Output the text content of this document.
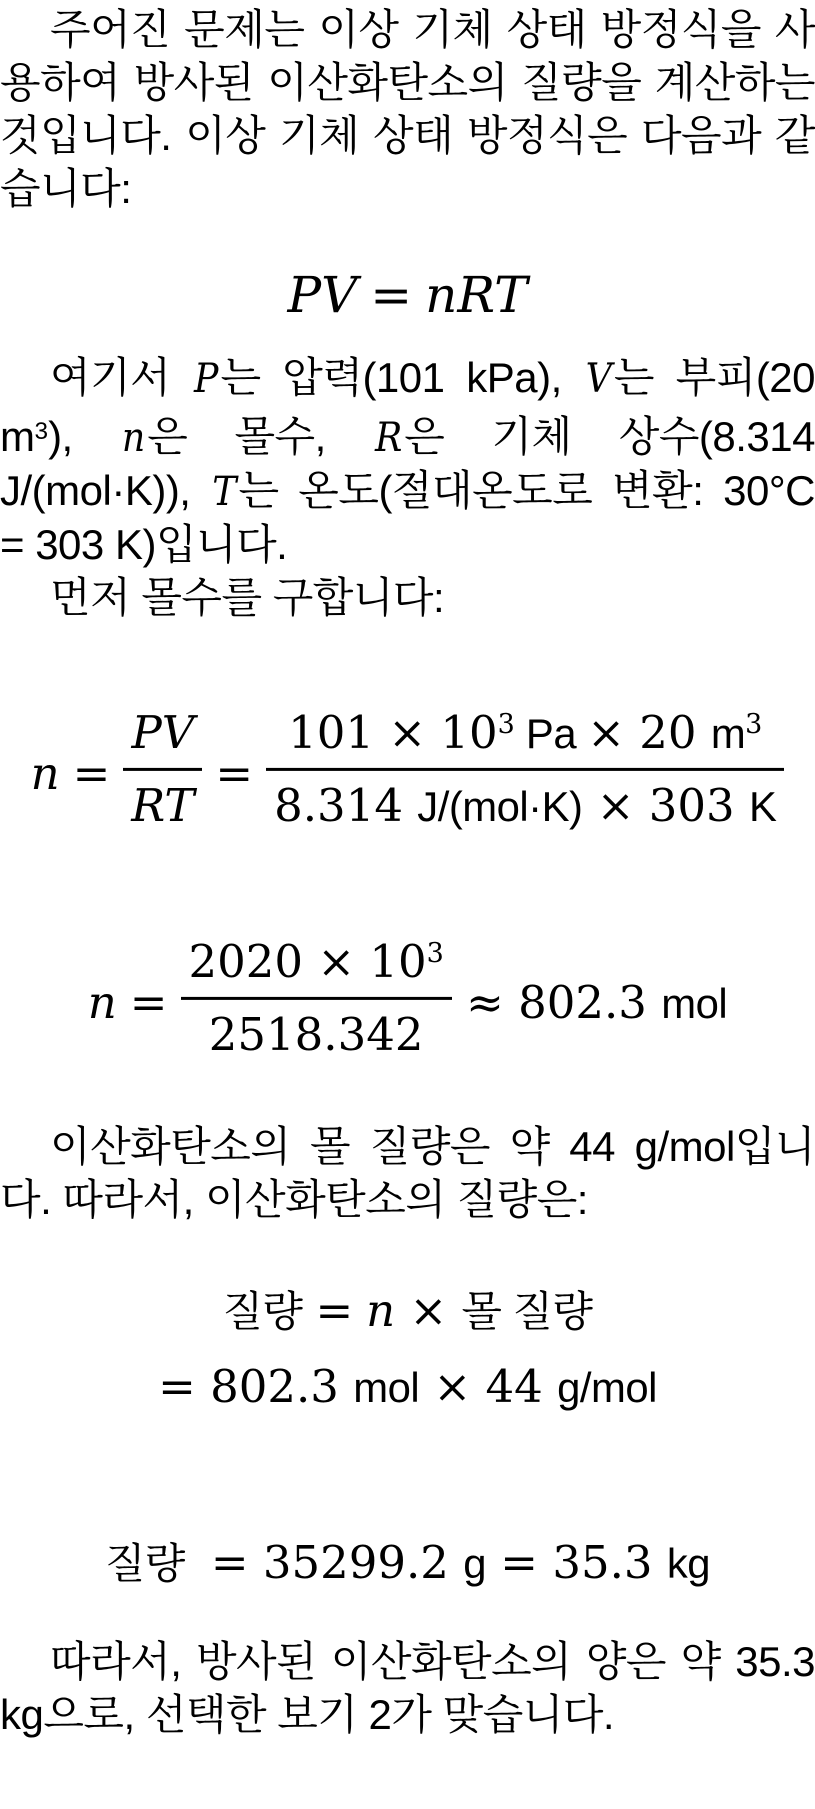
주어진 문제는 이상 기체 상태 방정식을 사용하여 방사된 이산화탄소의 질량을 계산하는 것입니다. 이상 기체 상태 방정식은 다음과 같습니다:

PV = nRT

여기서 P는 압력(101 kPa), V는 부피(20 $m^3$), n은 몰수, R은 기체 상수(8.314 J/(mol·K)), T는 온도(절대온도로 변환: 30°C = 303 K)입니다.

먼저 몰수를 구합니다:

$n = \frac{PV}{RT} = \frac{101 \times 10^3 Pa \times 20 m^3}{\text{8.314 J/(mol·K) × 303 K}}$
$n = \frac{2020 \times 10^3}{2518.342} \approx 802.3$ mol

이산화탄소의 몰 질량은 약 44 g/mol입니다. 따라서, 이산화탄소의 질량은:

질량 = n × 몰 질량
= 802.3 mol × 44 g/mol
질량 = 35299.2 g = 35.3 kg

따라서, 방사된 이산화탄소의 양은 약 35.3 kg으로, 선택한 보기 2가 맞습니다.
